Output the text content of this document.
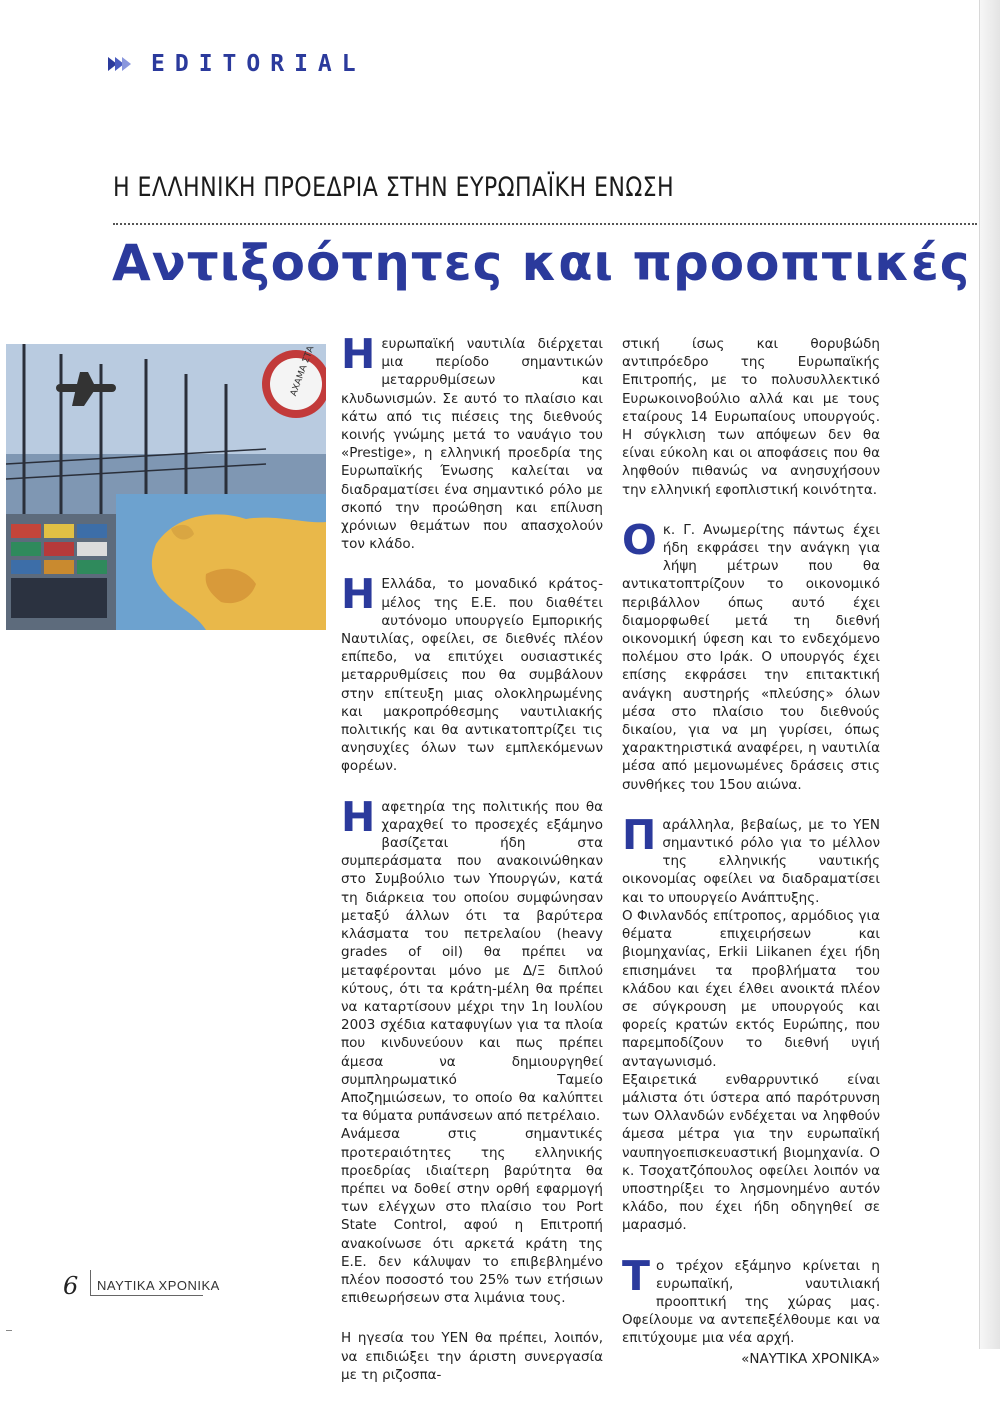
EDITORIAL
Η ΕΛΛΗΝΙΚΗ ΠΡΟΕΔΡΙΑ ΣΤΗΝ ΕΥΡΩΠΑΪΚΗ ΕΝΩΣΗ
Αντιξοότητες και προοπτικές
ΑΧΑΜΑ ΣΤΑ Ηευρωπαϊκή ναυτιλία διέρχεται μια περίοδο σημαντικών μεταρρυθμίσεων και κλυδωνισμών. Σε αυτό το πλαίσιο και κάτω από τις πιέσεις της διεθνούς κοινής γνώμης μετά το ναυάγιο του «Prestige», η ελληνική προεδρία της Ευρωπαϊκής Ένωσης καλείται να διαδραματίσει ένα σημαντικό ρόλο με σκοπό την προώθηση και επίλυση χρόνιων θεμάτων που απασχολούν τον κλάδο.

Η Ελλάδα, το μοναδικό κράτος-μέλος της Ε.Ε. που διαθέτει αυτόνομο υπουργείο Εμπορικής Ναυτιλίας, οφείλει, σε διεθνές πλέον επίπεδο, να επιτύχει ουσιαστικές μεταρρυθμίσεις που θα συμβάλουν στην επίτευξη μιας ολοκληρωμένης και μακροπρόθεσμης ναυτιλιακής πολιτικής και θα αντικατοπτρίζει τις ανησυχίες όλων των εμπλεκόμενων φορέων.

Ηαφετηρία της πολιτικής που θα χαραχθεί το προσεχές εξάμηνο βασίζεται ήδη στα συμπεράσματα που ανακοινώθηκαν στο Συμβούλιο των Υπουργών, κατά τη διάρκεια του οποίου συμφώνησαν μεταξύ άλλων ότι τα βαρύτερα κλάσματα του πετρελαίου (heavy grades of oil) θα πρέπει να μεταφέρονται μόνο με Δ/Ξ διπλού κύτους, ότι τα κράτη-μέλη θα πρέπει να καταρτίσουν μέχρι την 1η Ιουλίου 2003 σχέδια καταφυγίων για τα πλοία που κινδυνεύουν και πως πρέπει άμεσα να δημιουργηθεί συμπληρωματικό Ταμείο Αποζημιώσεων, το οποίο θα καλύπτει τα θύματα ρυπάνσεων από πετρέλαιο.

Ανάμεσα στις σημαντικές προτεραιότητες της ελληνικής προεδρίας ιδιαίτερη βαρύτητα θα πρέπει να δοθεί στην ορθή εφαρμογή των ελέγχων στο πλαίσιο του Port State Control, αφού η Επιτροπή ανακοίνωσε ότι αρκετά κράτη της Ε.Ε. δεν κάλυψαν το επιβεβλημένο πλέον ποσοστό του 25% των ετήσιων επιθεωρήσεων στα λιμάνια τους.

Η ηγεσία του ΥΕΝ θα πρέπει, λοιπόν, να επιδιώξει την άριστη συνεργασία με τη ριζοσπα-

στική ίσως και θορυβώδη αντιπρόεδρο της Ευρωπαϊκής Επιτροπής, με το πολυσυλλεκτικό Ευρωκοινοβούλιο αλλά και με τους εταίρους 14 Ευρωπαίους υπουργούς. Η σύγκλιση των απόψεων δεν θα είναι εύκολη και οι αποφάσεις που θα ληφθούν πιθανώς να ανησυχήσουν την ελληνική εφοπλιστική κοινότητα.

Οκ. Γ. Ανωμερίτης πάντως έχει ήδη εκφράσει την ανάγκη για λήψη μέτρων που θα αντικατοπτρίζουν το οικονομικό περιβάλλον όπως αυτό έχει διαμορφωθεί μετά τη διεθνή οικονομική ύφεση και το ενδεχόμενο πολέμου στο Ιράκ. Ο υπουργός έχει επίσης εκφράσει την επιτακτική ανάγκη αυστηρής «πλεύσης» όλων μέσα στο πλαίσιο του διεθνούς δικαίου, για να μη γυρίσει, όπως χαρακτηριστικά αναφέρει, η ναυτιλία μέσα από μεμονωμένες δράσεις στις συνθήκες του 15ου αιώνα.

Παράλληλα, βεβαίως, με το ΥΕΝ σημαντικό ρόλο για το μέλλον της ελληνικής ναυτικής οικονομίας οφείλει να διαδραματίσει και το υπουργείο Ανάπτυξης.

Ο Φινλανδός επίτροπος, αρμόδιος για θέματα επιχειρήσεων και βιομηχανίας, Erkii Liikanen έχει ήδη επισημάνει τα προβλήματα του κλάδου και έχει έλθει ανοικτά πλέον σε σύγκρουση με υπουργούς και φορείς κρατών εκτός Ευρώπης, που παρεμποδίζουν το διεθνή υγιή ανταγωνισμό.

Εξαιρετικά ενθαρρυντικό είναι μάλιστα ότι ύστερα από παρότρυνση των Ολλανδών ενδέχεται να ληφθούν άμεσα μέτρα για την ευρωπαϊκή ναυπηγοεπισκευαστική βιομηχανία. Ο κ. Τσοχατζόπουλος οφείλει λοιπόν να υποστηρίξει το λησμονημένο αυτόν κλάδο, που έχει ήδη οδηγηθεί σε μαρασμό.

Το τρέχον εξάμηνο κρίνεται η ευρωπαϊκή, ναυτιλιακή προοπτική της χώρας μας. Οφείλουμε να αντεπεξέλθουμε και να επιτύχουμε μια νέα αρχή.

«ΝΑΥΤΙΚΑ ΧΡΟΝΙΚΑ»
6 ΝΑΥΤΙΚΑ ΧΡΟΝΙΚΑ
